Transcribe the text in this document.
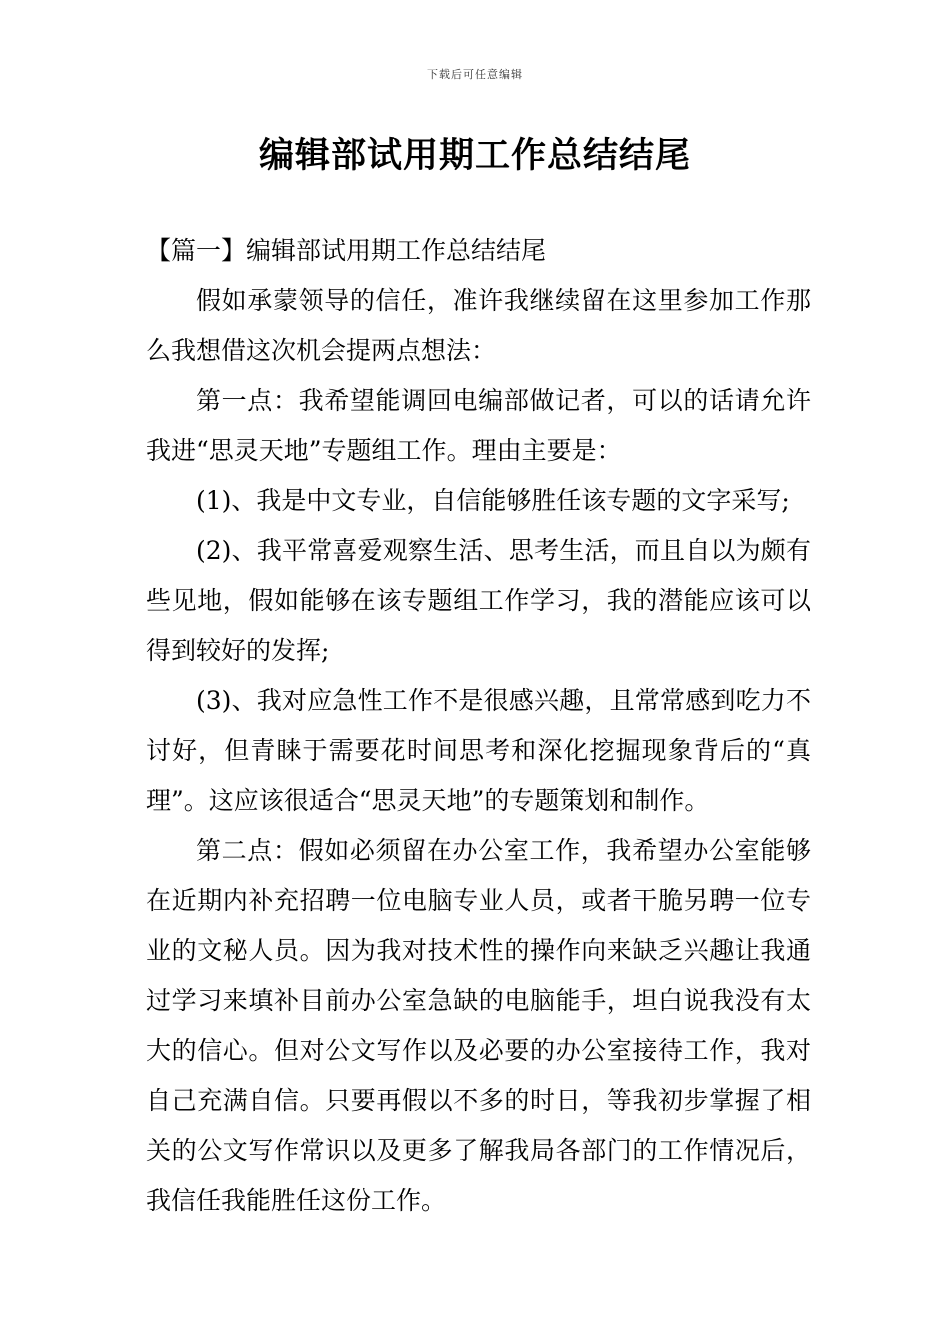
下载后可任意编辑
编辑部试用期工作总结结尾

【篇一】编辑部试用期工作总结结尾

假如承蒙领导的信任，准许我继续留在这里参加工作那么我想借这次机会提两点想法：

第一点：我希望能调回电编部做记者，可以的话请允许我进“思灵天地”专题组工作。理由主要是：

(1)、我是中文专业，自信能够胜任该专题的文字采写;

(2)、我平常喜爱观察生活、思考生活，而且自以为颇有些见地，假如能够在该专题组工作学习，我的潜能应该可以得到较好的发挥;

(3)、我对应急性工作不是很感兴趣，且常常感到吃力不讨好，但青睐于需要花时间思考和深化挖掘现象背后的“真理”。这应该很适合“思灵天地”的专题策划和制作。

第二点：假如必须留在办公室工作，我希望办公室能够在近期内补充招聘一位电脑专业人员，或者干脆另聘一位专业的文秘人员。因为我对技术性的操作向来缺乏兴趣让我通过学习来填补目前办公室急缺的电脑能手，坦白说我没有太大的信心。但对公文写作以及必要的办公室接待工作，我对自己充满自信。只要再假以不多的时日，等我初步掌握了相关的公文写作常识以及更多了解我局各部门的工作情况后，我信任我能胜任这份工作。
